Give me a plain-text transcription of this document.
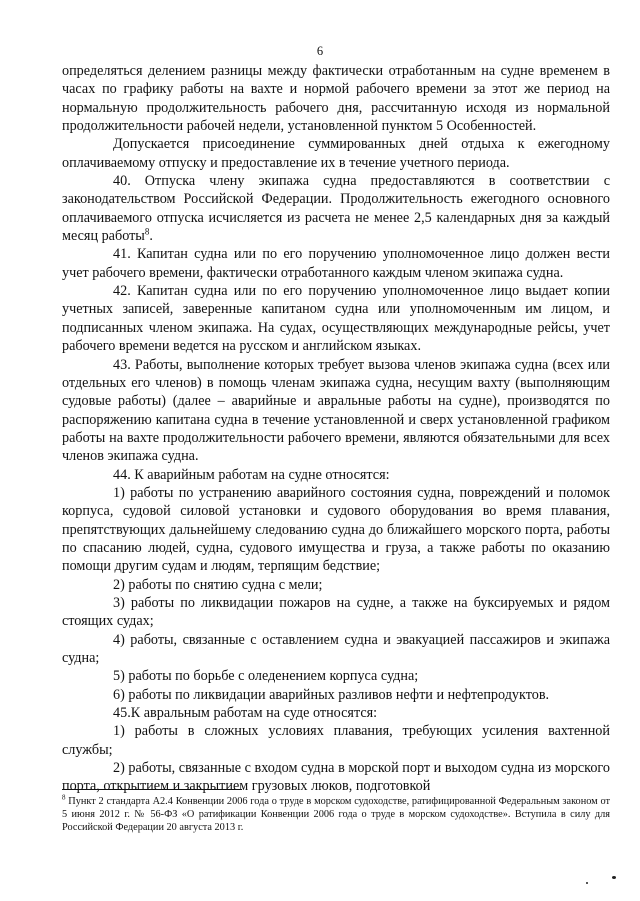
6

определяться делением разницы между фактически отработанным на судне временем в часах по графику работы на вахте и нормой рабочего времени за этот же период на нормальную продолжительность рабочего дня, рассчитанную исходя из нормальной продолжительности рабочей недели, установленной пунктом 5 Особенностей.

Допускается присоединение суммированных дней отдыха к ежегодному оплачиваемому отпуску и предоставление их в течение учетного периода.

40. Отпуска члену экипажа судна предоставляются в соответствии с законодательством Российской Федерации. Продолжительность ежегодного основного оплачиваемого отпуска исчисляется из расчета не менее 2,5 календарных дня за каждый месяц работы$^8$.

41. Капитан судна или по его поручению уполномоченное лицо должен вести учет рабочего времени, фактически отработанного каждым членом экипажа судна.

42. Капитан судна или по его поручению уполномоченное лицо выдает копии учетных записей, заверенные капитаном судна или уполномоченным им лицом, и подписанных членом экипажа. На судах, осуществляющих международные рейсы, учет рабочего времени ведется на русском и английском языках.

43. Работы, выполнение которых требует вызова членов экипажа судна (всех или отдельных его членов) в помощь членам экипажа судна, несущим вахту (выполняющим судовые работы) (далее – аварийные и авральные работы на судне), производятся по распоряжению капитана судна в течение установленной и сверх установленной графиком работы на вахте продолжительности рабочего времени, являются обязательными для всех членов экипажа судна.

44. К аварийным работам на судне относятся:

1) работы по устранению аварийного состояния судна, повреждений и поломок корпуса, судовой силовой установки и судового оборудования во время плавания, препятствующих дальнейшему следованию судна до ближайшего морского порта, работы по спасанию людей, судна, судового имущества и груза, а также работы по оказанию помощи другим судам и людям, терпящим бедствие;

2) работы по снятию судна с мели;

3) работы по ликвидации пожаров на судне, а также на буксируемых и рядом стоящих судах;

4) работы, связанные с оставлением судна и эвакуацией пассажиров и экипажа судна;

5) работы по борьбе с оледенением корпуса судна;

6) работы по ликвидации аварийных разливов нефти и нефтепродуктов.

45.К авральным работам на суде относятся:

1) работы в сложных условиях плавания, требующих усиления вахтенной службы;

2) работы, связанные с входом судна в морской порт и выходом судна из морского порта, открытием и закрытием грузовых люков, подготовкой

$^8$ Пункт 2 стандарта А2.4 Конвенции 2006 года о труде в морском судоходстве, ратифицированной Федеральным законом от 5 июня 2012 г. № 56-ФЗ «О ратификации Конвенции 2006 года о труде в морском судоходстве». Вступила в силу для Российской Федерации 20 августа 2013 г.
